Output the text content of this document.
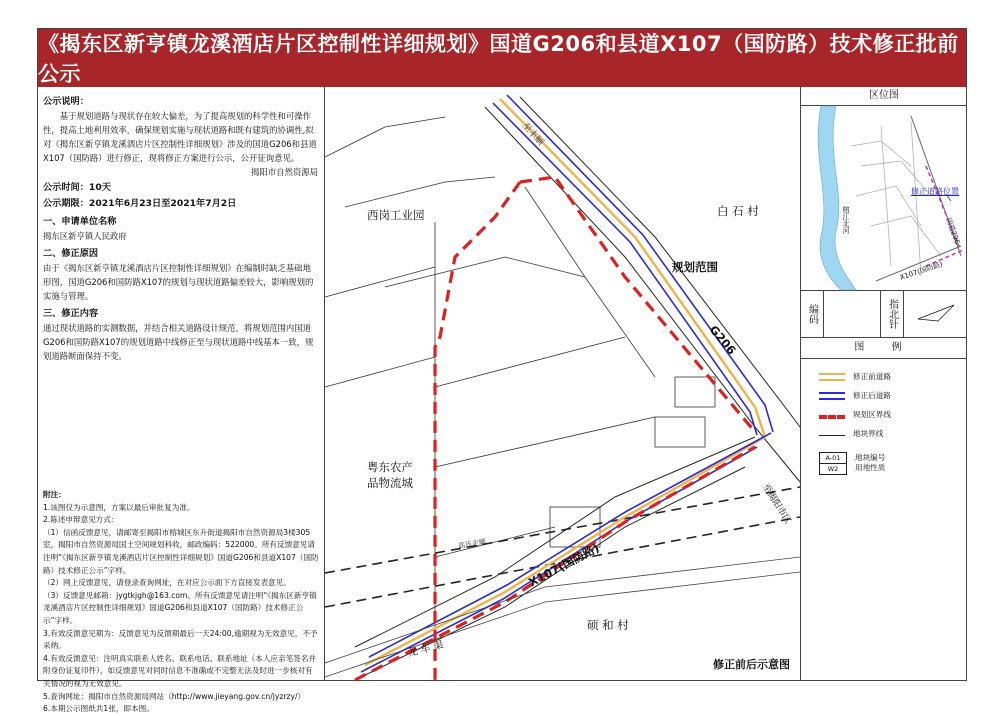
《揭东区新亨镇龙溪酒店片区控制性详细规划》国道G206和县道X107（国防路）技术修正批前公示
公示说明：

基于规划道路与现状存在较大偏差，为了提高规划的科学性和可操作性，提高土地利用效率，确保规划实施与现状道路和既有建筑的协调性,拟对《揭东区新亨镇龙溪酒店片区控制性详细规划》涉及的国道G206和县道X107（国防路）进行修正，现将修正方案进行公示，公开征询意见。

揭阳市自然资源局

公示时间：10天
公示期限：2021年6月23日至2021年7月2日
一、申请单位名称
揭东区新亨镇人民政府
二、修正原因
由于《揭东区新亨镇龙溪酒店片区控制性详细规划》在编制时缺乏基础地形图，国道G206和国防路X107的规划与现状道路偏差较大，影响规划的实施与管理。
三、修正内容
通过现状道路的实测数据，并结合相关道路设计规范，将规划范围内国道G206和国防路X107的规划道路中线修正至与现状道路中线基本一致，规划道路断面保持不变。
附注：
1.该图仅为示意图，方案以最后审批复为准。
2.陈述申辩意见方式：
（1）信函反馈意见，请邮寄至揭阳市榕城区东升街道揭阳市自然资源局3楼305室，揭阳市自然资源局国土空间规划科收，邮政编码：522000。所有反馈意见请注明“《揭东区新亨镇龙溪酒店片区控制性详细规划》国道G206和县道X107（国防路）技术修正公示”字样。
（2）网上反馈意见，请登录查询网址，在对应公示面下方直接发表意见。
（3）反馈意见邮箱：jygtkjgh@163.com。所有反馈意见请注明“《揭东区新亨镇龙溪酒店片区控制性详细规划》国道G206和县道X107（国防路）技术修正公示”字样。
3.有效反馈意见期为：反馈意见为反馈期最后一天24:00,逾期视为无效意见，不予采纳。
4.有效反馈意见：注明真实联系人姓名、联系电话、联系地址（本人应亲笔签名并附身份证复印件），如反馈意见对同时信息不准确或不完整无法及时进一步核对有关情况的视为无效意见。
5.查询网址：揭阳市自然资源局网站（http://www.jieyang.gov.cn/jyzrzy/）
6.本期公示图纸共1张，即本图。
西岗工业园	白 石 村
规划范围
G206
粤东农产
品物流城
X107(国防路)
硕 和 村
龙 车 渠
至丰顺
至揭阳市区
高压走廊
修正前后示意图
区位图
修正道路位置
国道206
X107(国防路)
榕江北河
编码	指北针
图 例
修正前道路
修正后道路
规划区界线
地块界线
A-01
W2
地块编号
用地性质
